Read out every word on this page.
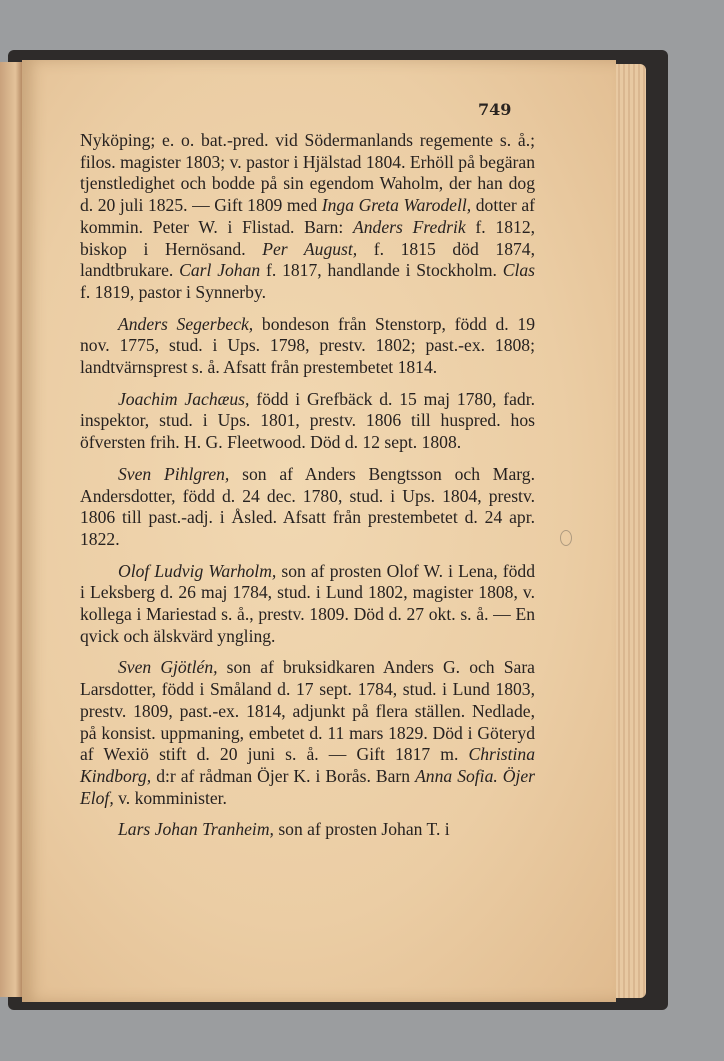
749

Nyköping; e. o. bat.-pred. vid Södermanlands regemente s. å.; filos. magister 1803; v. pastor i Hjälstad 1804. Erhöll på begäran tjenstledighet och bodde på sin egendom Waholm, der han dog d. 20 juli 1825. — Gift 1809 med Inga Greta Warodell, dotter af kommin. Peter W. i Flistad. Barn: Anders Fredrik f. 1812, biskop i Hernösand. Per August, f. 1815 död 1874, landtbrukare. Carl Johan f. 1817, handlande i Stockholm. Clas f. 1819, pastor i Synnerby.

Anders Segerbeck, bondeson från Stenstorp, född d. 19 nov. 1775, stud. i Ups. 1798, prestv. 1802; past.-ex. 1808; landtvärnsprest s. å. Afsatt från prestembetet 1814.

Joachim Jachæus, född i Grefbäck d. 15 maj 1780, fadr. inspektor, stud. i Ups. 1801, prestv. 1806 till huspred. hos öfversten frih. H. G. Fleetwood. Död d. 12 sept. 1808.

Sven Pihlgren, son af Anders Bengtsson och Marg. Andersdotter, född d. 24 dec. 1780, stud. i Ups. 1804, prestv. 1806 till past.-adj. i Åsled. Afsatt från prestembetet d. 24 apr. 1822.

Olof Ludvig Warholm, son af prosten Olof W. i Lena, född i Leksberg d. 26 maj 1784, stud. i Lund 1802, magister 1808, v. kollega i Mariestad s. å., prestv. 1809. Död d. 27 okt. s. å. — En qvick och älskvärd yngling.

Sven Gjötlén, son af bruksidkaren Anders G. och Sara Larsdotter, född i Småland d. 17 sept. 1784, stud. i Lund 1803, prestv. 1809, past.-ex. 1814, adjunkt på flera ställen. Nedlade, på konsist. uppmaning, embetet d. 11 mars 1829. Död i Göteryd af Wexiö stift d. 20 juni s. å. — Gift 1817 m. Christina Kindborg, d:r af rådman Öjer K. i Borås. Barn Anna Sofia. Öjer Elof, v. komminister.

Lars Johan Tranheim, son af prosten Johan T. i
